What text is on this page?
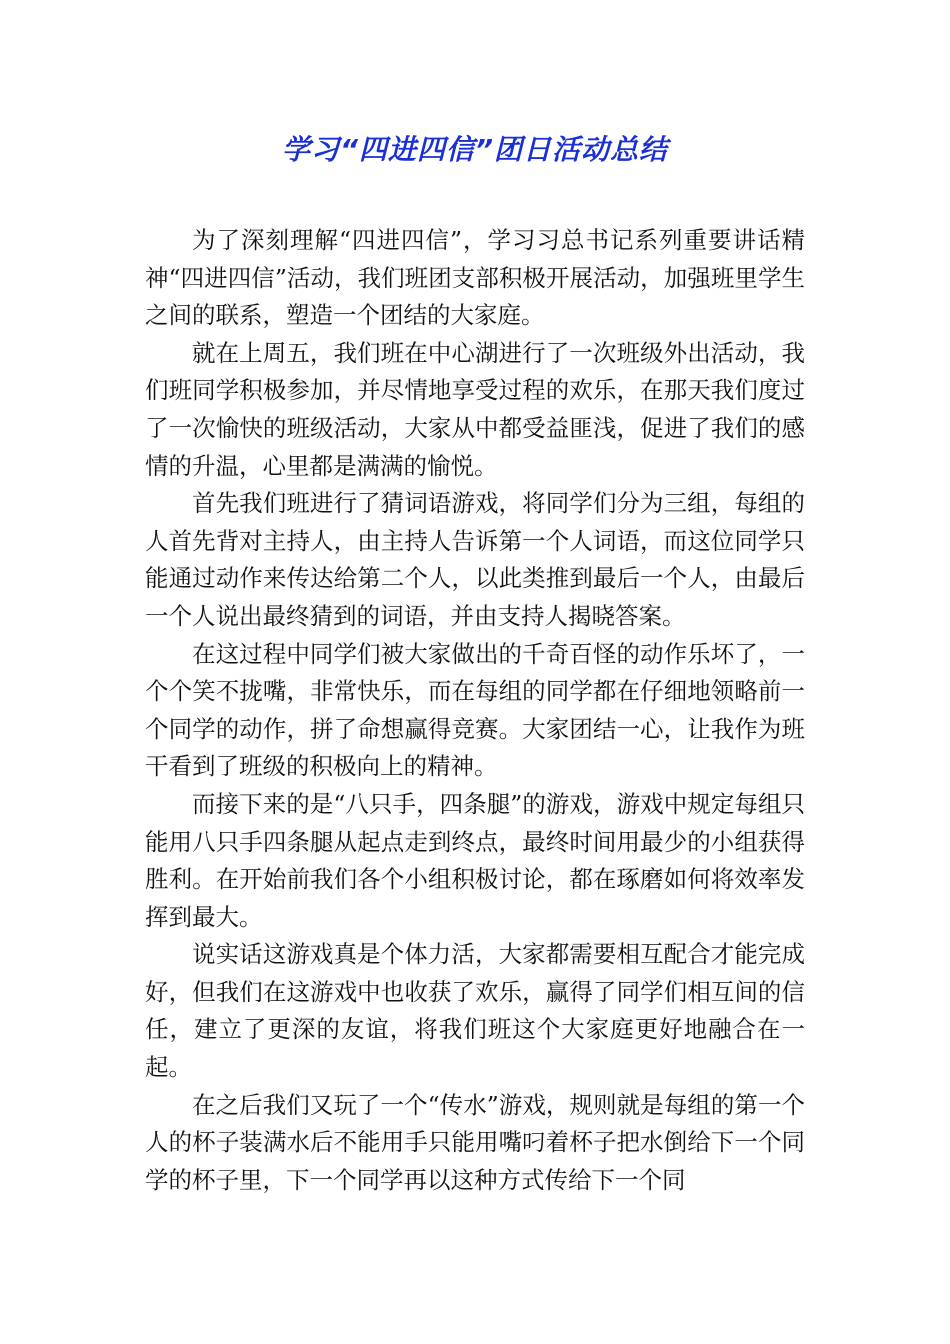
学习“四进四信”团日活动总结

为了深刻理解“四进四信”，学习习总书记系列重要讲话精神“四进四信”活动，我们班团支部积极开展活动，加强班里学生之间的联系，塑造一个团结的大家庭。

就在上周五，我们班在中心湖进行了一次班级外出活动，我们班同学积极参加，并尽情地享受过程的欢乐，在那天我们度过了一次愉快的班级活动，大家从中都受益匪浅，促进了我们的感情的升温，心里都是满满的愉悦。

首先我们班进行了猜词语游戏，将同学们分为三组，每组的人首先背对主持人，由主持人告诉第一个人词语，而这位同学只能通过动作来传达给第二个人，以此类推到最后一个人，由最后一个人说出最终猜到的词语，并由支持人揭晓答案。

在这过程中同学们被大家做出的千奇百怪的动作乐坏了，一个个笑不拢嘴，非常快乐，而在每组的同学都在仔细地领略前一个同学的动作，拼了命想赢得竞赛。大家团结一心，让我作为班干看到了班级的积极向上的精神。

而接下来的是“八只手，四条腿”的游戏，游戏中规定每组只能用八只手四条腿从起点走到终点，最终时间用最少的小组获得胜利。在开始前我们各个小组积极讨论，都在琢磨如何将效率发挥到最大。

说实话这游戏真是个体力活，大家都需要相互配合才能完成好，但我们在这游戏中也收获了欢乐，赢得了同学们相互间的信任，建立了更深的友谊，将我们班这个大家庭更好地融合在一起。

在之后我们又玩了一个“传水”游戏，规则就是每组的第一个人的杯子装满水后不能用手只能用嘴叼着杯子把水倒给下一个同学的杯子里，下一个同学再以这种方式传给下一个同
